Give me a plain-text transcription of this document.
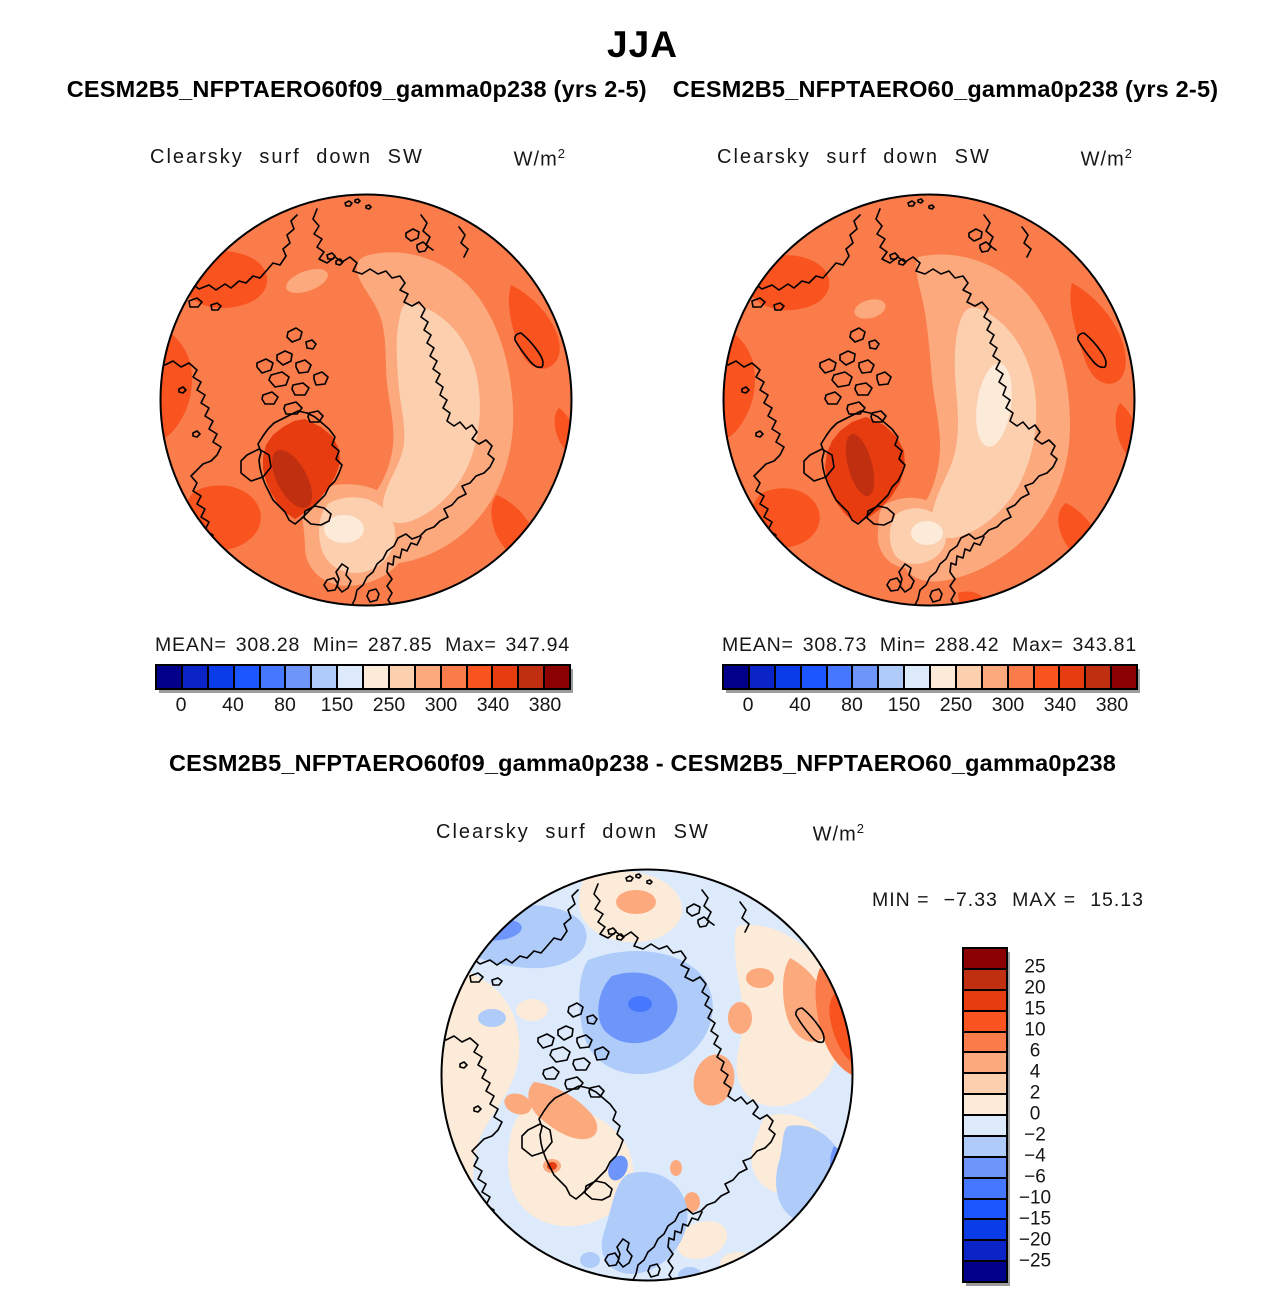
JJA
CESM2B5_NFPTAERO60f09_gamma0p238 (yrs 2-5) CESM2B5_NFPTAERO60_gamma0p238 (yrs 2-5)
Clearsky surf down SW	$W/m^2$	Clearsky surf down SW	$W/m^2$
MEAN= 308.28 Min= 287.85 Max= 347.94	MEAN= 308.73 Min= 288.42 Max= 343.81
0 40 80 150 250 300 340 380	0 40 80 150 250 300 340 380
CESM2B5_NFPTAERO60f09_gamma0p238 - CESM2B5_NFPTAERO60_gamma0p238
Clearsky surf down SW	$W/m^2$
MIN = −7.33 MAX = 15.13
25
20
15
10
6
4
2
0
−2
−4
−6
−10
−15
−20
−25
